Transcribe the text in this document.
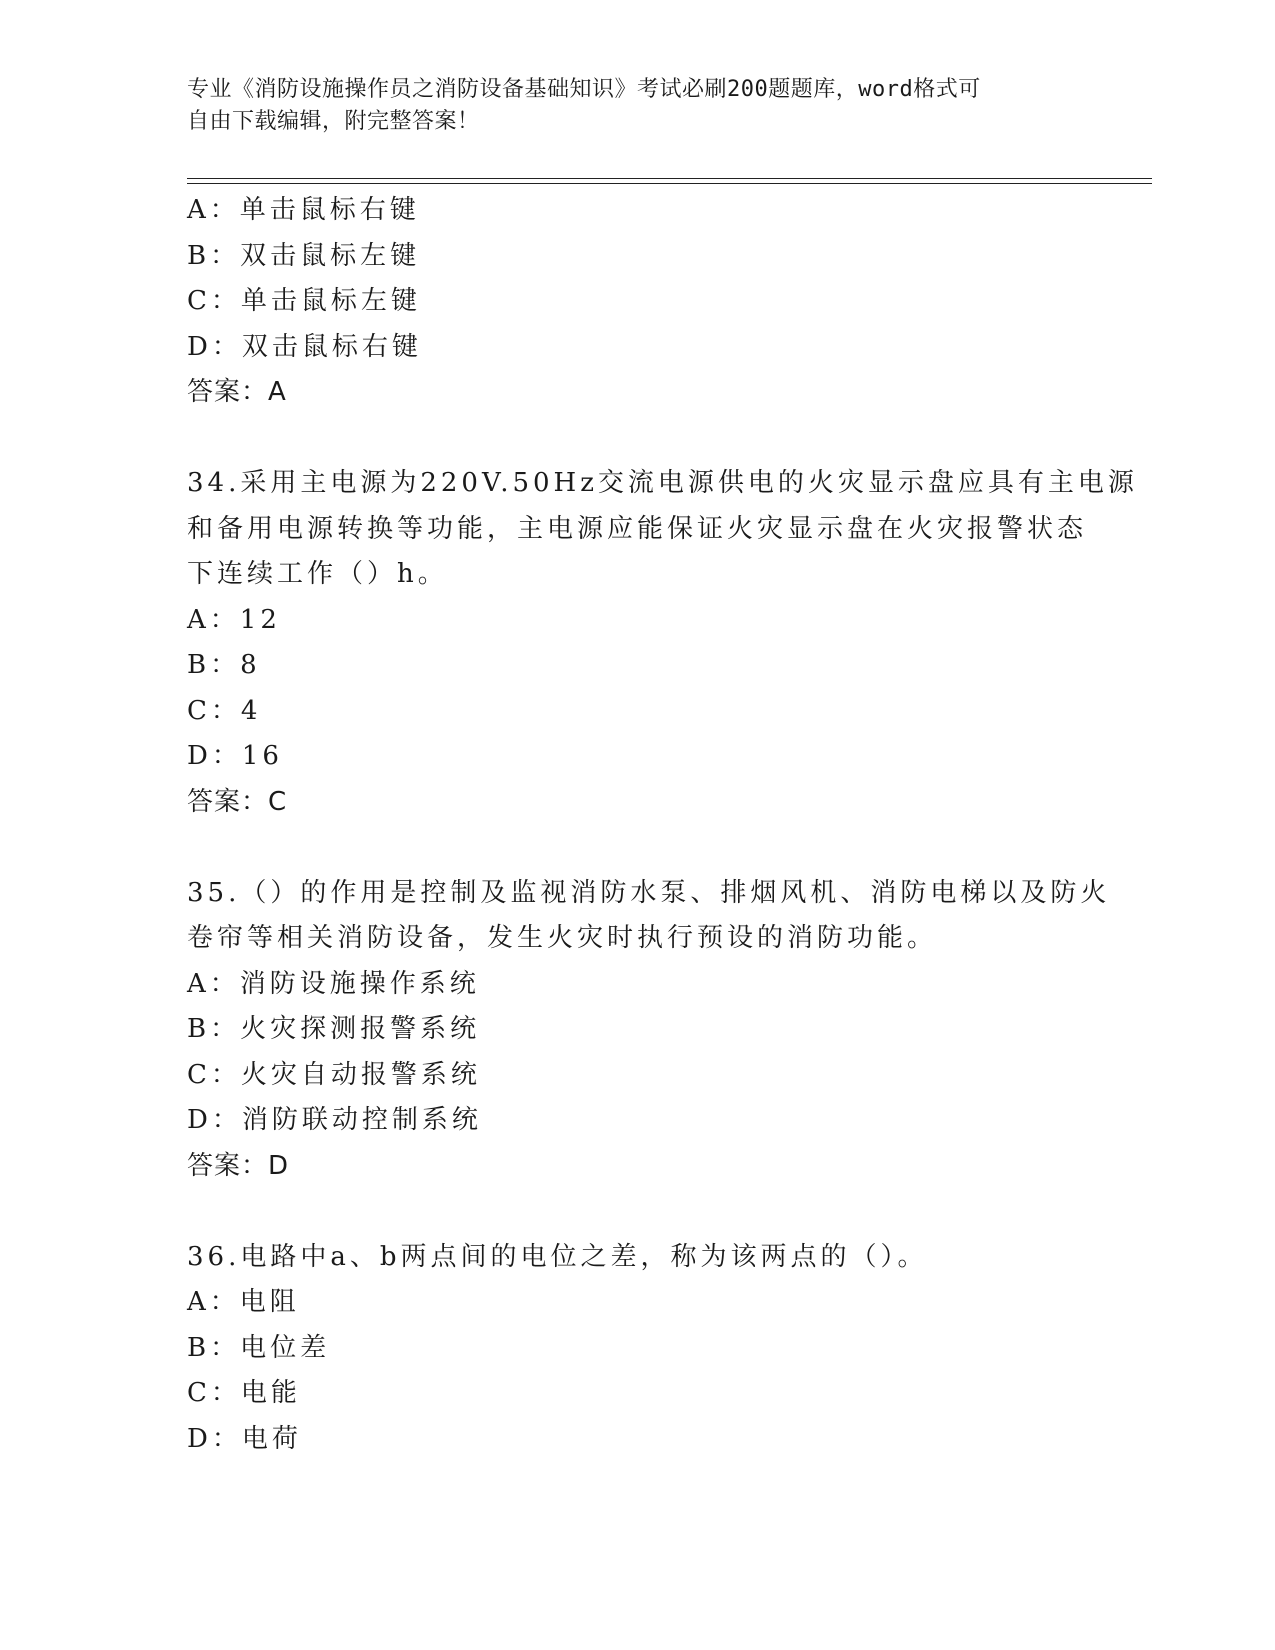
专业《消防设施操作员之消防设备基础知识》考试必刷200题题库，word格式可
自由下载编辑，附完整答案！
A：单击鼠标右键
B：双击鼠标左键
C：单击鼠标左键
D：双击鼠标右键
答案：A
34.采用主电源为220V.50Hz交流电源供电的火灾显示盘应具有主电源
和备用电源转换等功能，主电源应能保证火灾显示盘在火灾报警状态
下连续工作（）h。
A：12
B：8
C：4
D：16
答案：C
35.（）的作用是控制及监视消防水泵、排烟风机、消防电梯以及防火
卷帘等相关消防设备，发生火灾时执行预设的消防功能。
A：消防设施操作系统
B：火灾探测报警系统
C：火灾自动报警系统
D：消防联动控制系统
答案：D
36.电路中a、b两点间的电位之差，称为该两点的（）。
A：电阻
B：电位差
C：电能
D：电荷
